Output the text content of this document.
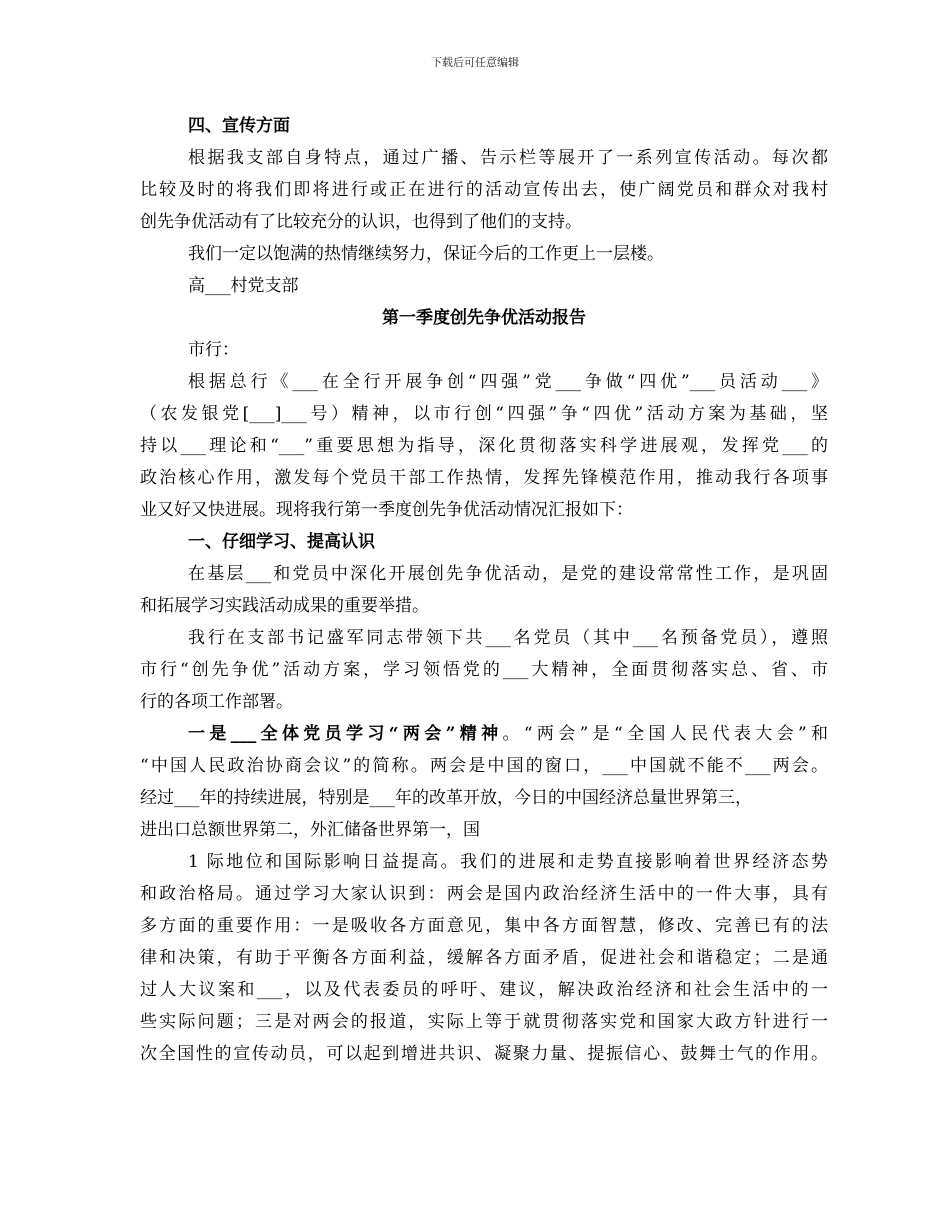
下载后可任意编辑
四、宣传方面
根据我支部自身特点，通过广播、告示栏等展开了一系列宣传活动。每次都
比较及时的将我们即将进行或正在进行的活动宣传出去，使广阔党员和群众对我村
创先争优活动有了比较充分的认识，也得到了他们的支持。
我们一定以饱满的热情继续努力，保证今后的工作更上一层楼。
高___村党支部
第一季度创先争优活动报告
市行：
根据总行《___在全行开展争创“四强”党___争做“四优”___员活动___》
（农发银党[___]___号）精神，以市行创“四强”争“四优”活动方案为基础，坚
持以___理论和“___”重要思想为指导，深化贯彻落实科学进展观，发挥党___的
政治核心作用，激发每个党员干部工作热情，发挥先锋模范作用，推动我行各项事
业又好又快进展。现将我行第一季度创先争优活动情况汇报如下：
一、仔细学习、提高认识
在基层___和党员中深化开展创先争优活动，是党的建设常常性工作，是巩固
和拓展学习实践活动成果的重要举措。
我行在支部书记盛军同志带领下共___名党员（其中___名预备党员），遵照
市行“创先争优”活动方案，学习领悟党的___大精神，全面贯彻落实总、省、市
行的各项工作部署。
一是___全体党员学习“两会”精神。“两会”是“全国人民代表大会”和
“中国人民政治协商会议”的简称。两会是中国的窗口，___中国就不能不___两会。
经过___年的持续进展，特别是___年的改革开放，今日的中国经济总量世界第三，
进出口总额世界第二，外汇储备世界第一，国
1 际地位和国际影响日益提高。我们的进展和走势直接影响着世界经济态势
和政治格局。通过学习大家认识到：两会是国内政治经济生活中的一件大事，具有
多方面的重要作用：一是吸收各方面意见，集中各方面智慧，修改、完善已有的法
律和决策，有助于平衡各方面利益，缓解各方面矛盾，促进社会和谐稳定；二是通
过人大议案和___，以及代表委员的呼吁、建议，解决政治经济和社会生活中的一
些实际问题；三是对两会的报道，实际上等于就贯彻落实党和国家大政方针进行一
次全国性的宣传动员，可以起到增进共识、凝聚力量、提振信心、鼓舞士气的作用。
